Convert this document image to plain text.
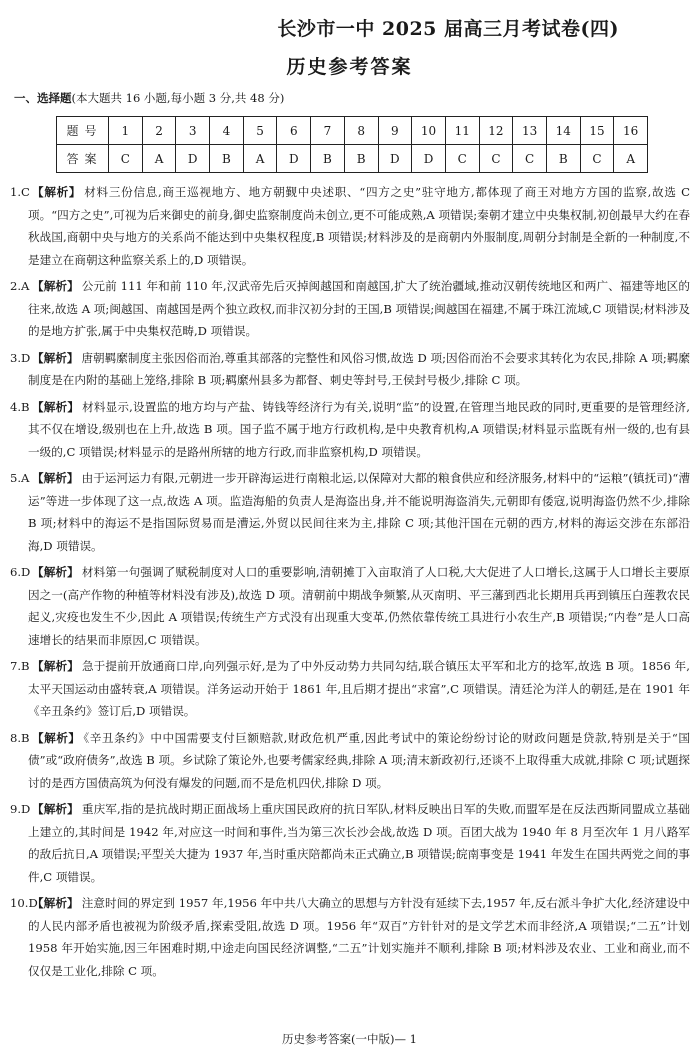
长沙市一中 2025 届高三月考试卷(四)
历史参考答案
一、选择题(本大题共 16 小题,每小题 3 分,共 48 分)
题号	1	2	3	4	5	6	7	8	9	10	11	12	13	14	15	16
答案	C	A	D	B	A	D	B	B	D	D	C	C	C	B	C	A
1.C 【 解析 】 材料三份信息,商王巡视地方、地方朝觐中央述职、“四方之史”驻守地方,都体现了商王对地方方国的监察,故选 C 项。“四方之史”,可视为后来御史的前身,御史监察制度尚未创立,更不可能成熟,A 项错误;秦朝才建立中央集权制,初创最早大约在春秋战国,商朝中央与地方的关系尚不能达到中央集权程度,B 项错误;材料涉及的是商朝内外服制度,周朝分封制是全新的一种制度,不是建立在商朝这种监察关系上的,D 项错误。
2.A 【 解析 】 公元前 111 年和前 110 年,汉武帝先后灭掉闽越国和南越国,扩大了统治疆域,推动汉朝传统地区和两广、福建等地区的往来,故选 A 项;闽越国、南越国是两个独立政权,而非汉初分封的王国,B 项错误;闽越国在福建,不属于珠江流域,C 项错误;材料涉及的是地方扩张,属于中央集权范畴,D 项错误。
3.D 【 解析 】 唐朝羁縻制度主张因俗而治,尊重其部落的完整性和风俗习惯,故选 D 项;因俗而治不会要求其转化为农民,排除 A 项;羁縻制度是在内附的基础上笼络,排除 B 项;羁縻州县多为都督、刺史等封号,王侯封号极少,排除 C 项。
4.B 【 解析 】 材料显示,设置监的地方均与产盐、铸钱等经济行为有关,说明“监”的设置,在管理当地民政的同时,更重要的是管理经济,其不仅在增设,级别也在上升,故选 B 项。国子监不属于地方行政机构,是中央教育机构,A 项错误;材料显示监既有州一级的,也有县一级的,C 项错误;材料显示的是路州所辖的地方行政,而非监察机构,D 项错误。
5.A 【 解析 】 由于运河运力有限,元朝进一步开辟海运进行南粮北运,以保障对大都的粮食供应和经济服务,材料中的“运粮”(镇抚司)“漕运”等进一步体现了这一点,故选 A 项。监造海船的负责人是海盗出身,并不能说明海盗消失,元朝即有倭寇,说明海盗仍然不少,排除 B 项;材料中的海运不是指国际贸易而是漕运,外贸以民间往来为主,排除 C 项;其他汗国在元朝的西方,材料的海运交涉在东部沿海,D 项错误。
6.D 【 解析 】 材料第一句强调了赋税制度对人口的重要影响,清朝摊丁入亩取消了人口税,大大促进了人口增长,这属于人口增长主要原因之一(高产作物的种植等材料没有涉及),故选 D 项。清朝前中期战争频繁,从灭南明、平三藩到西北长期用兵再到镇压白莲教农民起义,灾疫也发生不少,因此 A 项错误;传统生产方式没有出现重大变革,仍然依靠传统工具进行小农生产,B 项错误;“内卷”是人口高速增长的结果而非原因,C 项错误。
7.B 【 解析 】 急于提前开放通商口岸,向列强示好,是为了中外反动势力共同勾结,联合镇压太平军和北方的捻军,故选 B 项。1856 年,太平天国运动由盛转衰,A 项错误。洋务运动开始于 1861 年,且后期才提出“求富”,C 项错误。清廷沦为洋人的朝廷,是在 1901 年《辛丑条约》签订后,D 项错误。
8.B 【 解析 】 《辛丑条约》中中国需要支付巨额赔款,财政危机严重,因此考试中的策论纷纷讨论的财政问题是贷款,特别是关于“国债”或“政府债务”,故选 B 项。乡试除了策论外,也要考儒家经典,排除 A 项;清末新政初行,还谈不上取得重大成就,排除 C 项;试题探讨的是西方国债高筑为何没有爆发的问题,而不是危机四伏,排除 D 项。
9.D 【 解析 】 重庆军,指的是抗战时期正面战场上重庆国民政府的抗日军队,材料反映出日军的失败,而盟军是在反法西斯同盟成立基础上建立的,其时间是 1942 年,对应这一时间和事件,当为第三次长沙会战,故选 D 项。百团大战为 1940 年 8 月至次年 1 月八路军的敌后抗日,A 项错误;平型关大捷为 1937 年,当时重庆陪都尚未正式确立,B 项错误;皖南事变是 1941 年发生在国共两党之间的事件,C 项错误。
10.D 【 解析 】 注意时间的界定到 1957 年,1956 年中共八大确立的思想与方针没有延续下去,1957 年,反右派斗争扩大化,经济建设中的人民内部矛盾也被视为阶级矛盾,探索受阻,故选 D 项。1956 年“双百”方针针对的是文学艺术而非经济,A 项错误;“二五”计划 1958 年开始实施,因三年困难时期,中途走向国民经济调整,“二五”计划实施并不顺利,排除 B 项;材料涉及农业、工业和商业,而不仅仅是工业化,排除 C 项。
历史参考答案(一中版)— 1
